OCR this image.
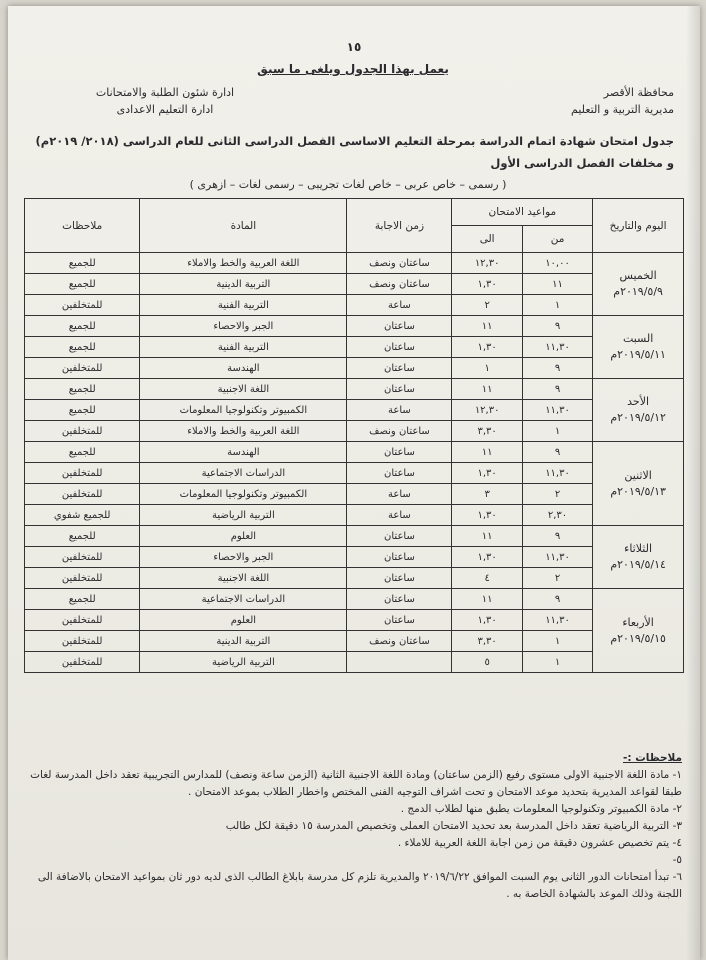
١٥
يعمل بهذا الجدول ويلغى ما سبق
ادارة شئون الطلبة والامتحانات
ادارة التعليم الاعدادى
محافظة الأقصر
مديرية التربية و التعليم
جدول امتحان شهادة اتمام الدراسة بمرحلة التعليم الاساسى الفصل الدراسى الثانى للعام الدراسى (٢٠١٨/ ٢٠١٩م)
و مخلفات الفصل الدراسى الأول
( رسمى – خاص عربى – خاص لغات تجريبى – رسمى لغات – ازهرى )
اليوم والتاريخ	مواعيد الامتحان		زمن الاجابة	المادة	ملاحظات
	من	الى			

الخميس
٢٠١٩/٥/٩م	١٠,٠٠	١٢,٣٠	ساعتان ونصف	اللغة العربية والخط والاملاء	للجميع
	١١	١,٣٠	ساعتان ونصف	التربية الدينية	للجميع
	١	٢	ساعة	التربية الفنية	للمتخلفين

السبت
٢٠١٩/٥/١١م	٩	١١	ساعتان	الجبر والاحصاء	للجميع
	١١,٣٠	١,٣٠	ساعتان	التربية الفنية	للجميع
	٩	١	ساعتان	الهندسة	للمتخلفين

الأحد
٢٠١٩/٥/١٢م	٩	١١	ساعتان	اللغة الاجنبية	للجميع
	١١,٣٠	١٢,٣٠	ساعة	الكمبيوتر وتكنولوجيا المعلومات	للجميع
	١	٣,٣٠	ساعتان ونصف	اللغة العربية والخط والاملاء	للمتخلفين

الاثنين
٢٠١٩/٥/١٣م	٩	١١	ساعتان	الهندسة	للجميع
	١١,٣٠	١,٣٠	ساعتان	الدراسات الاجتماعية	للمتخلفين
	٢	٣	ساعة	الكمبيوتر وتكنولوجيا المعلومات	للمتخلفين
	٢,٣٠	١,٣٠	ساعة	التربية الرياضية	للجميع شفوي

الثلاثاء
٢٠١٩/٥/١٤م	٩	١١	ساعتان	العلوم	للجميع
	١١,٣٠	١,٣٠	ساعتان	الجبر والاحصاء	للمتخلفين
	٢	٤	ساعتان	اللغة الاجنبية	للمتخلفين

الأربعاء
٢٠١٩/٥/١٥م	٩	١١	ساعتان	الدراسات الاجتماعية	للجميع
	١١,٣٠	١,٣٠	ساعتان	العلوم	للمتخلفين
	١	٣,٣٠	ساعتان ونصف	التربية الدينية	للمتخلفين
	١	٥		التربية الرياضية	للمتخلفين

ملاحظات :-

١- مادة اللغة الاجنبية الاولى مستوى رفيع (الزمن ساعتان) ومادة اللغة الاجنبية الثانية (الزمن ساعة ونصف) للمدارس التجريبية تعقد داخل المدرسة لغات طبقا لقواعد المديرية بتحديد موعد الامتحان و تحت اشراف التوجيه الفنى المختص واخطار الطلاب بموعد الامتحان .

٢- مادة الكمبيوتر وتكنولوجيا المعلومات يطبق منها لطلاب الدمج .

٣- التربية الرياضية تعقد داخل المدرسة بعد تحديد الامتحان العملى وتخصيص المدرسة ١٥ دقيقة لكل طالب

٤- يتم تخصيص عشرون دقيقة من زمن اجابة اللغة العربية للاملاء .

٥-

٦- تبدأ امتحانات الدور الثانى يوم السبت الموافق ٢٠١٩/٦/٢٢ والمديرية تلزم كل مدرسة بابلاغ الطالب الذى لديه دور ثان بمواعيد الامتحان بالاضافة الى اللجنة وذلك الموعد بالشهادة الخاصة به .
